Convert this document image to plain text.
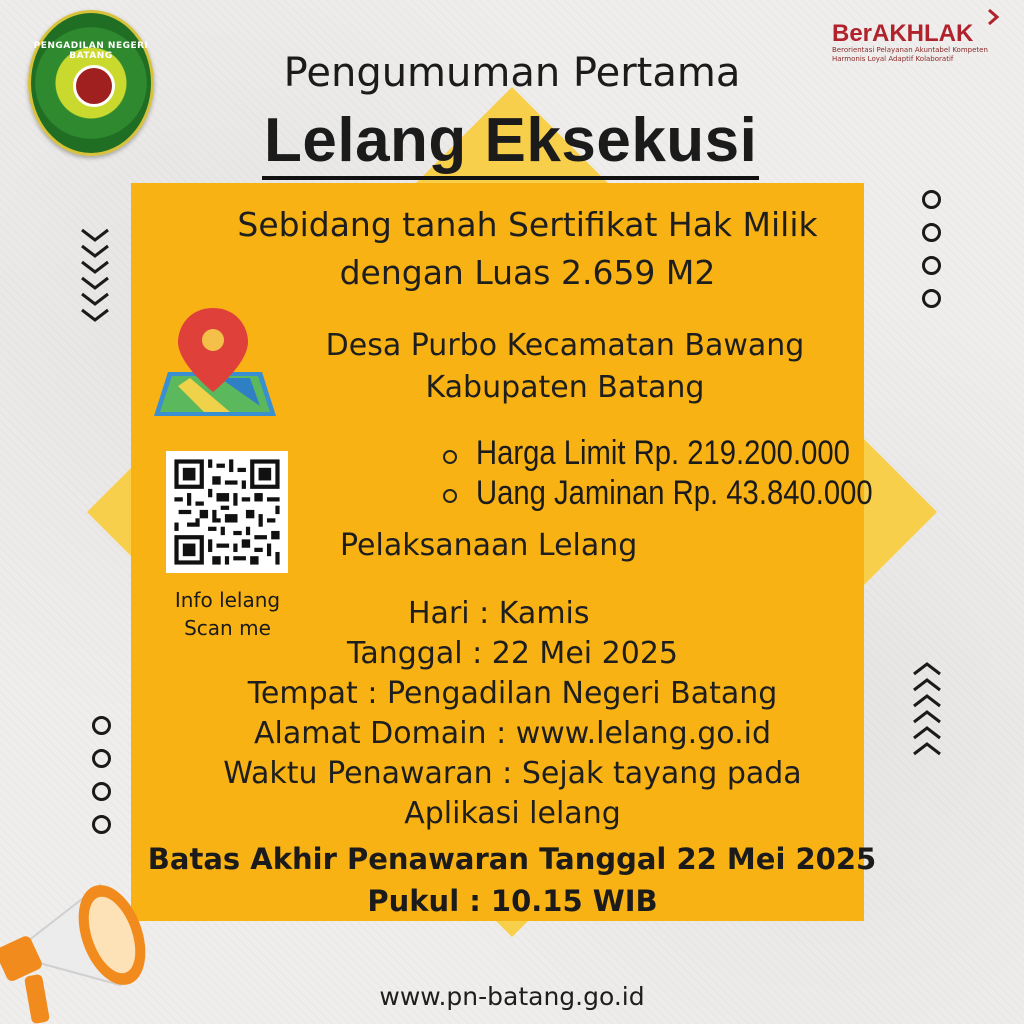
PENGADILAN NEGERI BATANG
BerAKHLAK
Berorientasi Pelayanan Akuntabel Kompeten Harmonis Loyal Adaptif Kolaboratif
Pengumuman Pertama
Lelang Eksekusi
Sebidang tanah Sertifikat Hak Milik
dengan Luas 2.659 M2
Desa Purbo Kecamatan Bawang
Kabupaten Batang
Info lelang
Scan me
Harga Limit Rp. 219.200.000
Uang Jaminan Rp. 43.840.000
Pelaksanaan Lelang
Hari : Kamis
Tanggal : 22 Mei 2025
Tempat : Pengadilan Negeri Batang
Alamat Domain : www.lelang.go.id
Waktu Penawaran : Sejak tayang pada
Aplikasi lelang
Batas Akhir Penawaran Tanggal 22 Mei 2025
Pukul : 10.15 WIB
www.pn-batang.go.id
